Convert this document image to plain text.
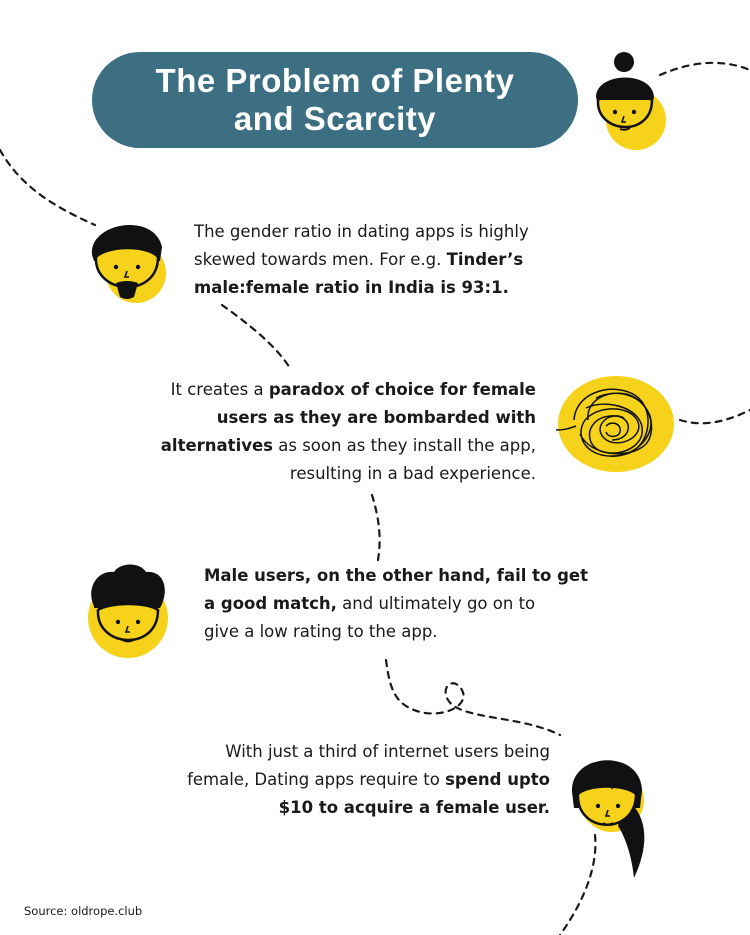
The Problem of Plenty
and Scarcity
The gender ratio in dating apps is highly
skewed towards men. For e.g. Tinder’s
male:female ratio in India is 93:1.
It creates a paradox of choice for female
users as they are bombarded with
alternatives as soon as they install the app,
resulting in a bad experience.
Male users, on the other hand, fail to get
a good match, and ultimately go on to
give a low rating to the app.
With just a third of internet users being
female, Dating apps require to spend upto
$10 to acquire a female user.
Source: oldrope.club
